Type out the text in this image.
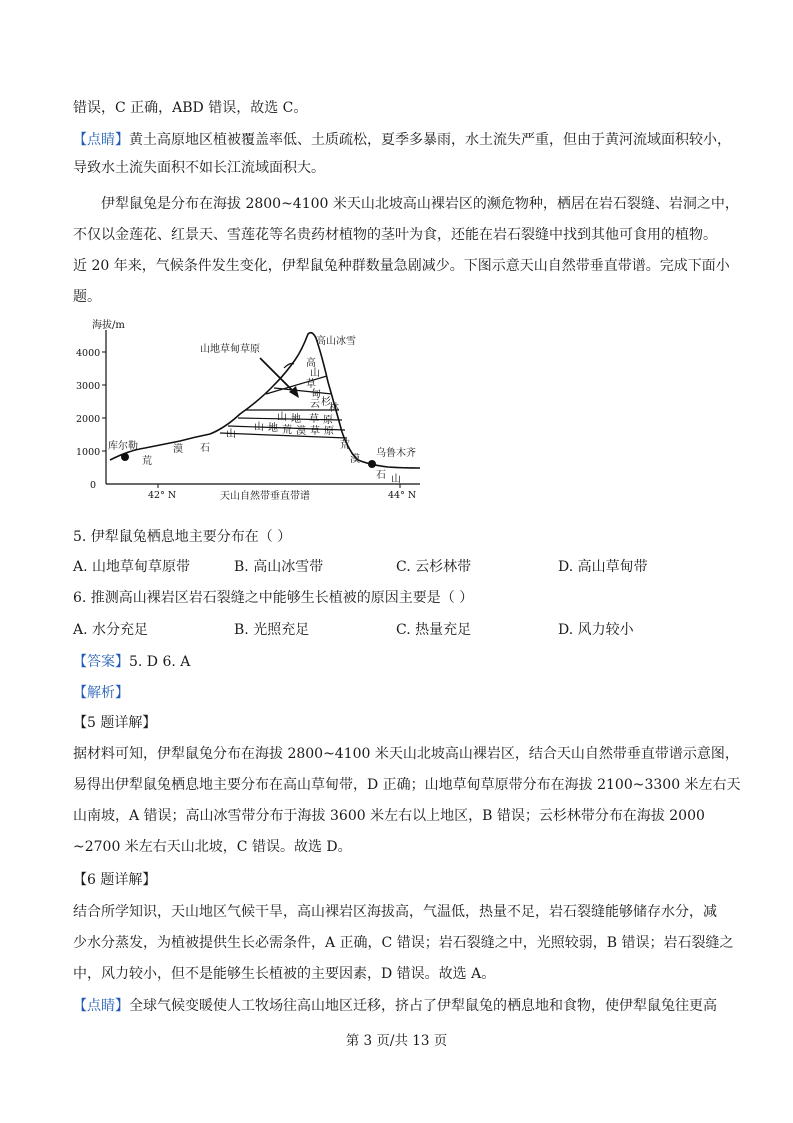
错误，C 正确，ABD 错误，故选 C。
【点睛】黄土高原地区植被覆盖率低、土质疏松，夏季多暴雨，水土流失严重，但由于黄河流域面积较小，
导致水土流失面积不如长江流域面积大。
伊犁鼠兔是分布在海拔 2800~4100 米天山北坡高山裸岩区的濒危物种，栖居在岩石裂缝、岩洞之中，
不仅以金莲花、红景天、雪莲花等名贵药材植物的茎叶为食，还能在岩石裂缝中找到其他可食用的植物。
近 20 年来，气候条件发生变化，伊犁鼠兔种群数量急剧减少。下图示意天山自然带垂直带谱。完成下面小
题。
海拔/m
4000
3000
2000
1000
0
42° N	44° N
天山自然带垂直带谱
库尔勒
乌鲁木齐
山地草甸草原
高山冰雪
高
山
草
甸
云 杉
林
山 地 草 原
山 地 荒 漠 草 原
荒
漠 石
山
荒
漠
石 山
5. 伊犁鼠兔栖息地主要分布在（ ）
A. 山地草甸草原带	B. 高山冰雪带	C. 云杉林带	D. 高山草甸带
6. 推测高山裸岩区岩石裂缝之中能够生长植被的原因主要是（ ）
A. 水分充足	B. 光照充足	C. 热量充足	D. 风力较小
【答案】5. D 6. A
【解析】
【5 题详解】
据材料可知，伊犁鼠兔分布在海拔 2800~4100 米天山北坡高山裸岩区，结合天山自然带垂直带谱示意图，
易得出伊犁鼠兔栖息地主要分布在高山草甸带，D 正确；山地草甸草原带分布在海拔 2100~3300 米左右天
山南坡，A 错误；高山冰雪带分布于海拔 3600 米左右以上地区，B 错误；云杉林带分布在海拔 2000
~2700 米左右天山北坡，C 错误。故选 D。
【6 题详解】
结合所学知识，天山地区气候干旱，高山裸岩区海拔高，气温低，热量不足，岩石裂缝能够储存水分，减
少水分蒸发，为植被提供生长必需条件，A 正确，C 错误；岩石裂缝之中，光照较弱，B 错误；岩石裂缝之
中，风力较小，但不是能够生长植被的主要因素，D 错误。故选 A。
【点睛】全球气候变暖使人工牧场往高山地区迁移，挤占了伊犁鼠兔的栖息地和食物，使伊犁鼠兔往更高
第 3 页/共 13 页
